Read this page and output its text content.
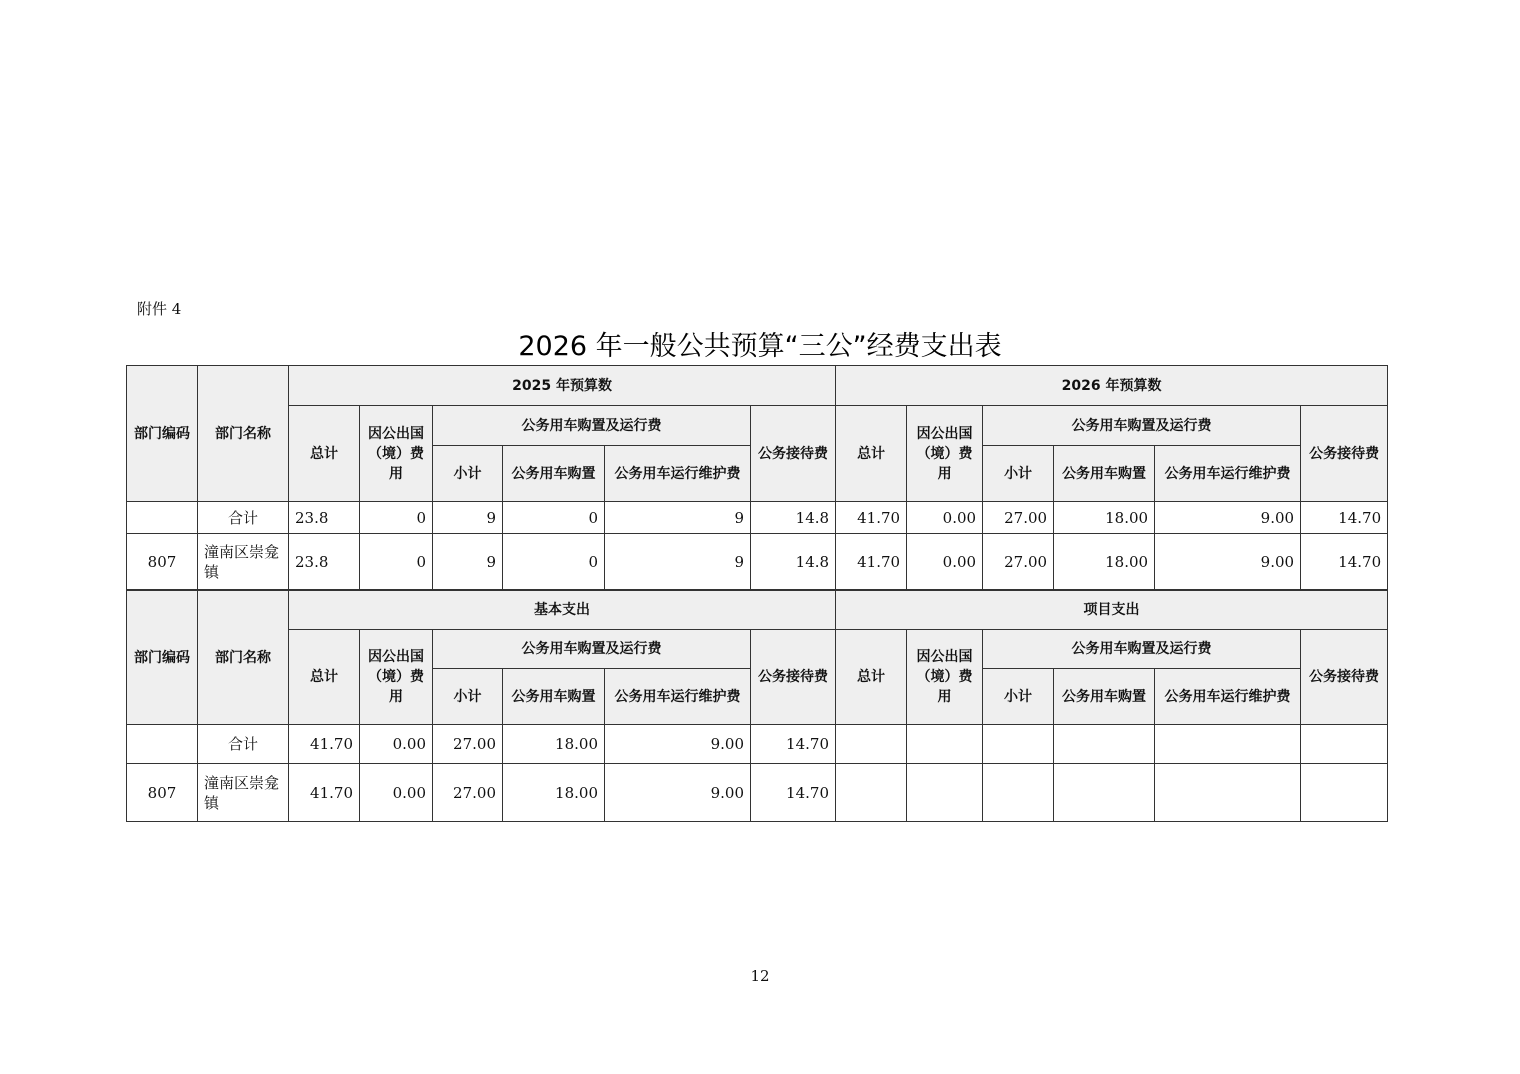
附件 4
2026 年一般公共预算“三公”经费支出表
部门编码	部门名称	2025 年预算数						2026 年预算数					
		总计	因公出国（境）费用	公务用车购置及运行费			公务接待费	总计	因公出国（境）费用	公务用车购置及运行费			公务接待费
				小计	公务用车购置	公务用车运行维护费				小计	公务用车购置	公务用车运行维护费	
	合计	23.8	0	9	0	9	14.8	41.70	0.00	27.00	18.00	9.00	14.70
807	潼南区崇龛镇	23.8	0	9	0	9	14.8	41.70	0.00	27.00	18.00	9.00	14.70
部门编码	部门名称	基本支出						项目支出					
		总计	因公出国（境）费用	公务用车购置及运行费			公务接待费	总计	因公出国（境）费用	公务用车购置及运行费			公务接待费
				小计	公务用车购置	公务用车运行维护费				小计	公务用车购置	公务用车运行维护费	
	合计	41.70	0.00	27.00	18.00	9.00	14.70						
807	潼南区崇龛镇	41.70	0.00	27.00	18.00	9.00	14.70						
12
